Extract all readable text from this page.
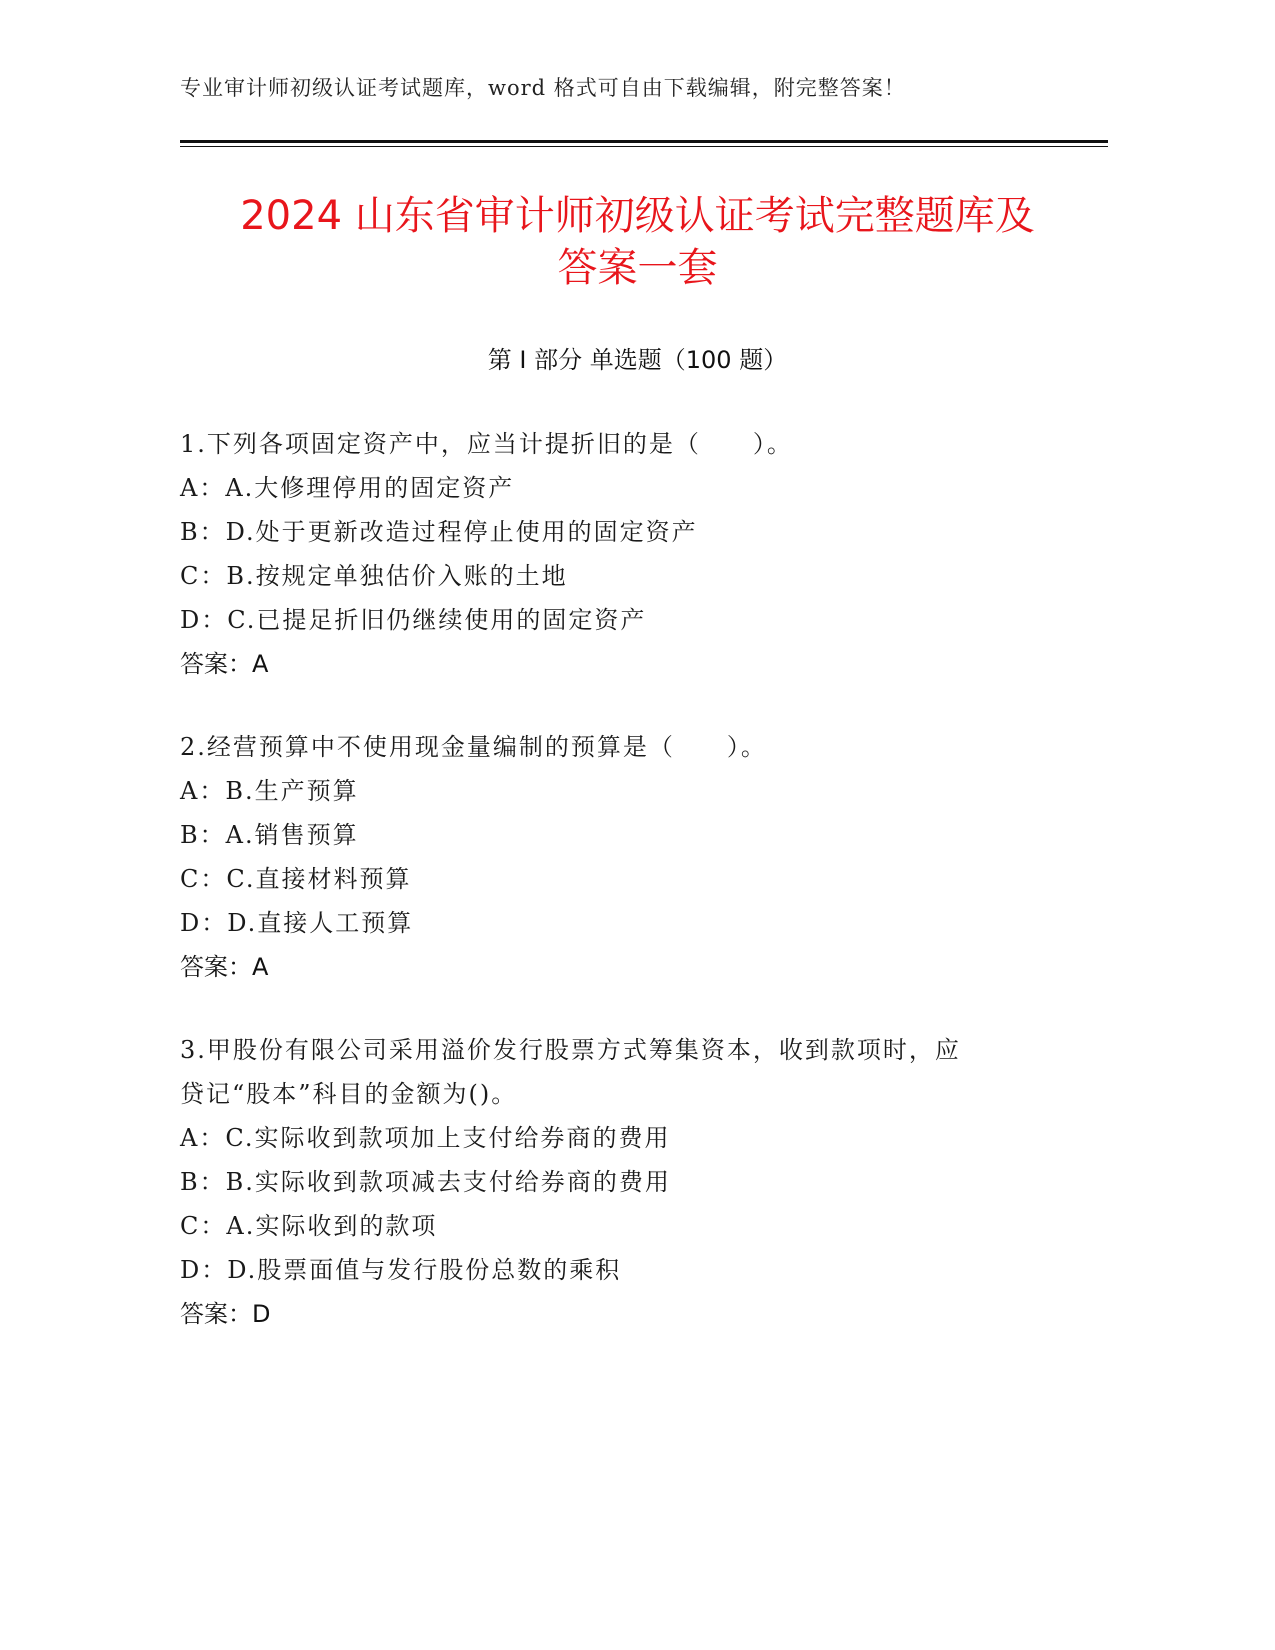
专业审计师初级认证考试题库，word 格式可自由下载编辑，附完整答案！
2024 山东省审计师初级认证考试完整题库及
答案一套
第 I 部分 单选题（100 题）
1.下列各项固定资产中，应当计提折旧的是（　　）。
A：A.大修理停用的固定资产
B：D.处于更新改造过程停止使用的固定资产
C：B.按规定单独估价入账的土地
D：C.已提足折旧仍继续使用的固定资产
答案：A
2.经营预算中不使用现金量编制的预算是（　　）。
A：B.生产预算
B：A.销售预算
C：C.直接材料预算
D：D.直接人工预算
答案：A
3.甲股份有限公司采用溢价发行股票方式筹集资本，收到款项时，应
贷记“股本”科目的金额为()。
A：C.实际收到款项加上支付给券商的费用
B：B.实际收到款项减去支付给券商的费用
C：A.实际收到的款项
D：D.股票面值与发行股份总数的乘积
答案：D
